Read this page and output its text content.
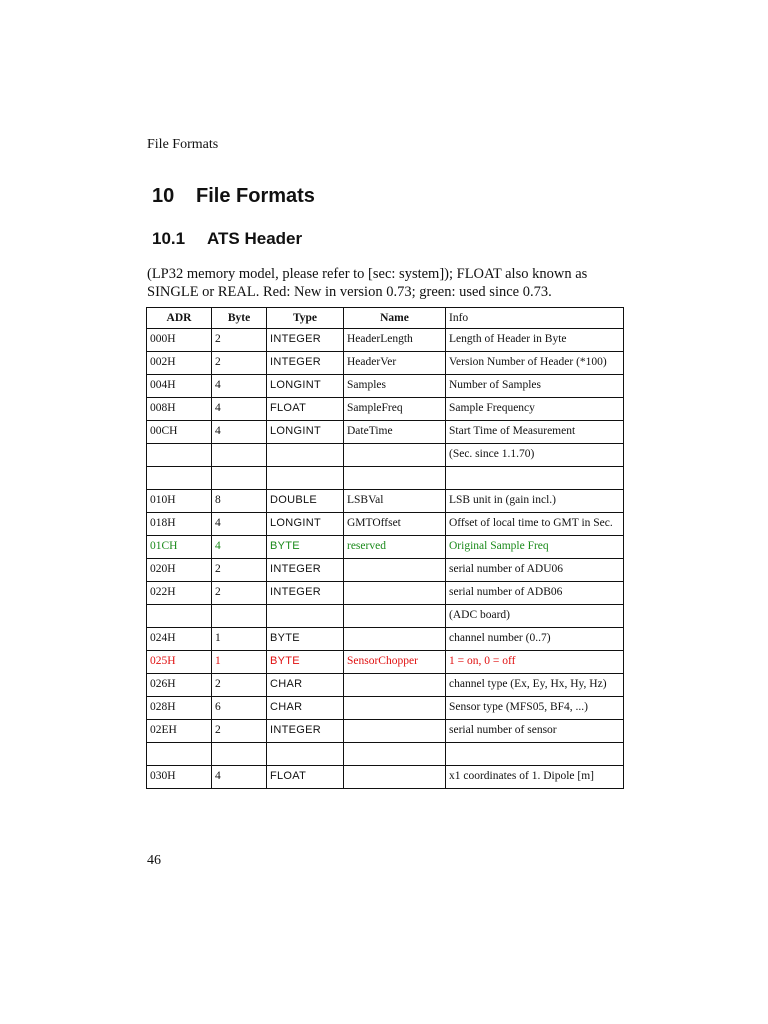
File Formats
10 File Formats
10.1 ATS Header
(LP32 memory model, please refer to [sec: system]); FLOAT also known as SINGLE or REAL. Red: New in version 0.73; green: used since 0.73.
ADR	Byte	Type	Name	Info
000H	2	INTEGER	HeaderLength	Length of Header in Byte
002H	2	INTEGER	HeaderVer	Version Number of Header (*100)
004H	4	LONGINT	Samples	Number of Samples
008H	4	FLOAT	SampleFreq	Sample Frequency
00CH	4	LONGINT	DateTime	Start Time of Measurement
				(Sec. since 1.1.70)

010H	8	DOUBLE	LSBVal	LSB unit in (gain incl.)
018H	4	LONGINT	GMTOffset	Offset of local time to GMT in Sec.
01CH	4	BYTE	reserved	Original Sample Freq
020H	2	INTEGER		serial number of ADU06
022H	2	INTEGER		serial number of ADB06
				(ADC board)
024H	1	BYTE		channel number (0..7)
025H	1	BYTE	SensorChopper	1 = on, 0 = off
026H	2	CHAR		channel type (Ex, Ey, Hx, Hy, Hz)
028H	6	CHAR		Sensor type (MFS05, BF4, ...)
02EH	2	INTEGER		serial number of sensor

030H	4	FLOAT		x1 coordinates of 1. Dipole [m]
46
